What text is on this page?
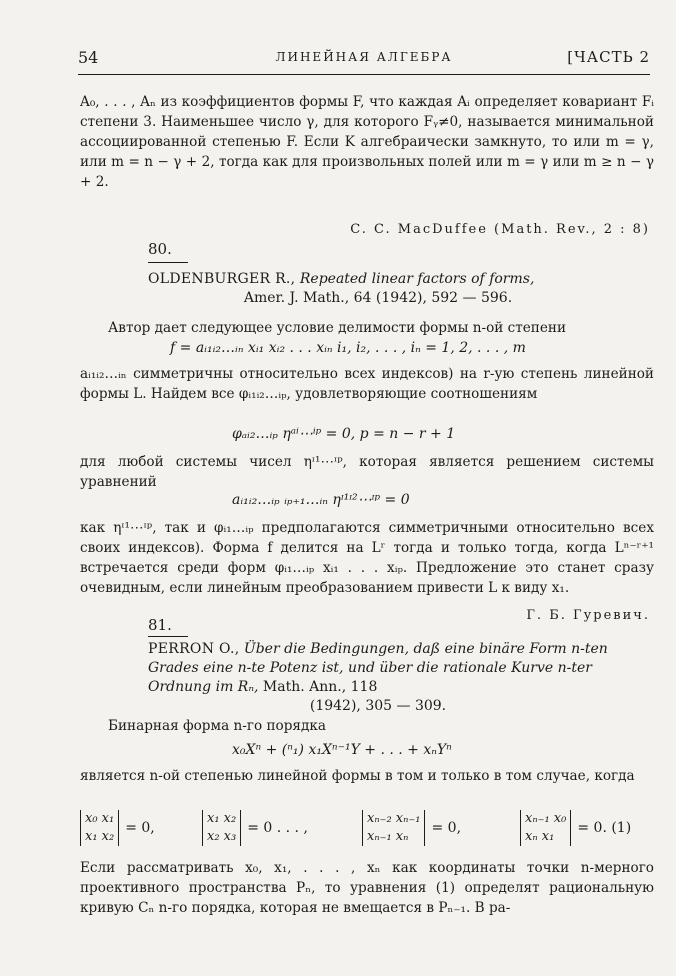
54	ЛИНЕЙНАЯ АЛГЕБРА	[ЧАСТЬ 2
A₀, . . . , Aₙ из коэффициентов формы F, что каждая Aᵢ определяет ковариант Fᵢ степени 3. Наименьшее число γ, для которого Fᵧ≠0, называется минимальной ассоциированной степенью F. Если K алгебраически замкнуто, то или m = γ, или m = n − γ + 2, тогда как для произвольных полей или m = γ или m ≥ n − γ + 2.
C. C. MacDuffee (Math. Rev., 2 : 8)
80.
OLDENBURGER R., Repeated linear factors of forms,
Amer. J. Math., 64 (1942), 592 — 596.
Автор дает следующее условие делимости формы n-ой степени
f = aᵢ₁ᵢ₂…ᵢₙ xᵢ₁ xᵢ₂ . . . xᵢₙ i₁, i₂, . . . , iₙ = 1, 2, . . . , m
aᵢ₁ᵢ₂…ᵢₙ симметричны относительно всех индексов) на r-ую степень линейной формы L. Найдем все φᵢ₁ᵢ₂…ᵢₚ, удовлетворяющие соотношениям
φₐᵢ₂…ᵢₚ ηᵃⁱ⋯ⁱᵖ = 0, p = n − r + 1
для любой системы чисел ηᶦ¹⋯ᶦᵖ, которая является решением системы уравнений
aᵢ₁ᵢ₂…ᵢₚ ᵢₚ₊₁…ᵢₙ ηᶦ¹ᶦ²⋯ᶦᵖ = 0
как ηᶦ¹⋯ᶦᵖ, так и φᵢ₁…ᵢₚ предполагаются симметричными относительно всех своих индексов). Форма f делится на Lʳ тогда и только тогда, когда Lⁿ⁻ʳ⁺¹ встречается среди форм φᵢ₁…ᵢₚ xᵢ₁ . . . xᵢₚ. Предложение это станет сразу очевидным, если линейным преобразованием привести L к виду x₁.
Г. Б. Гуревич.
81.
PERRON O., Über die Bedingungen, daß eine binäre Form n-ten Grades eine n-te Potenz ist, und über die rationale Kurve n-ter Ordnung im Rₙ, Math. Ann., 118
(1942), 305 — 309.
Бинарная форма n-го порядка
x₀Xⁿ + (ⁿ₁) x₁Xⁿ⁻¹Y + . . . + xₙYⁿ
является n-ой степенью линейной формы в том и только в том случае, когда
x₀ x₁
x₁ x₂
= 0,
x₁ x₂
x₂ x₃
= 0 . . . ,
xₙ₋₂ xₙ₋₁
xₙ₋₁ xₙ
= 0,
xₙ₋₁ x₀
xₙ x₁
= 0. (1)
Если рассматривать x₀, x₁, . . . , xₙ как координаты точки n-мерного проективного пространства Pₙ, то уравнения (1) определят рациональную кривую Cₙ n-го порядка, которая не вмещается в Pₙ₋₁. В ра-
